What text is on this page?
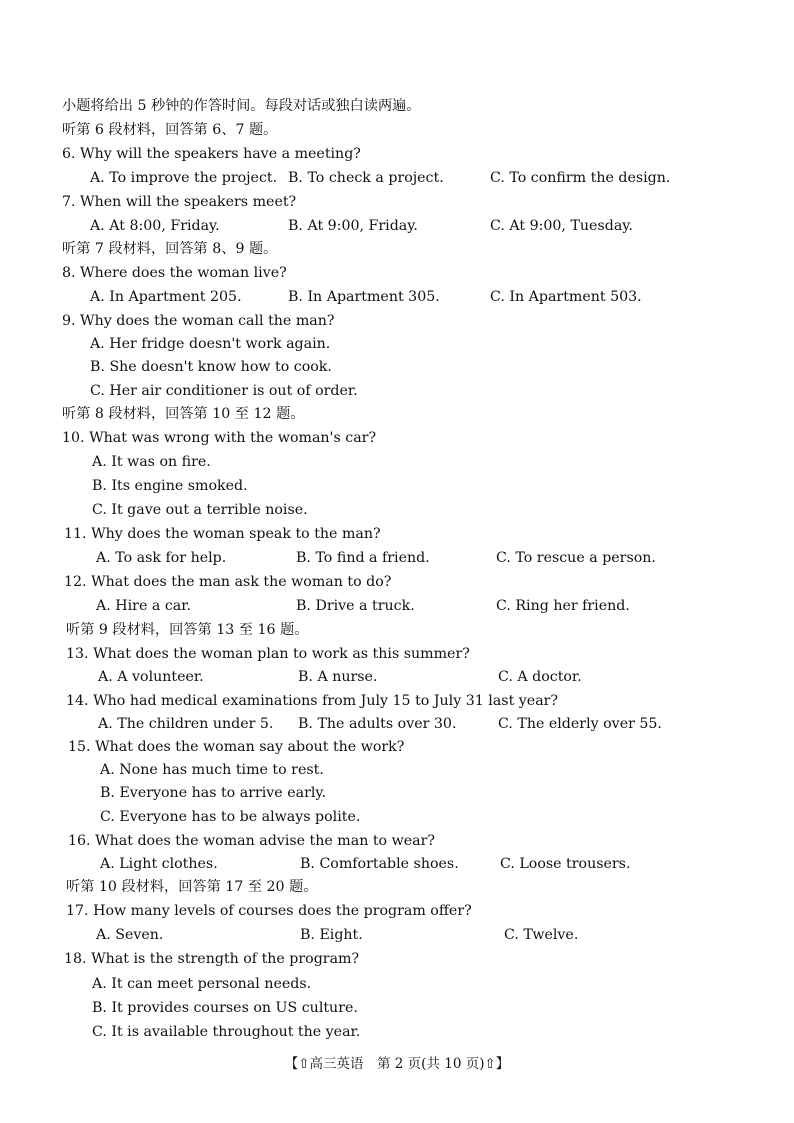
小题将给出 5 秒钟的作答时间。每段对话或独白读两遍。
听第 6 段材料，回答第 6、7 题。
6. Why will the speakers have a meeting?
A. To improve the project. B. To check a project.	C. To confirm the design.
7. When will the speakers meet?
A. At 8:00, Friday.	B. At 9:00, Friday.	C. At 9:00, Tuesday.
听第 7 段材料，回答第 8、9 题。
8. Where does the woman live?
A. In Apartment 205.	B. In Apartment 305.	C. In Apartment 503.
9. Why does the woman call the man?
A. Her fridge doesn't work again.
B. She doesn't know how to cook.
C. Her air conditioner is out of order.
听第 8 段材料，回答第 10 至 12 题。
10. What was wrong with the woman's car?
A. It was on fire.
B. Its engine smoked.
C. It gave out a terrible noise.
11. Why does the woman speak to the man?
A. To ask for help.	B. To find a friend.	C. To rescue a person.
12. What does the man ask the woman to do?
A. Hire a car.	B. Drive a truck.	C. Ring her friend.
听第 9 段材料，回答第 13 至 16 题。
13. What does the woman plan to work as this summer?
A. A volunteer.	B. A nurse.	C. A doctor.
14. Who had medical examinations from July 15 to July 31 last year?
A. The children under 5. B. The adults over 30.	C. The elderly over 55.
15. What does the woman say about the work?
A. None has much time to rest.
B. Everyone has to arrive early.
C. Everyone has to be always polite.
16. What does the woman advise the man to wear?
A. Light clothes.	B. Comfortable shoes.	C. Loose trousers.
听第 10 段材料，回答第 17 至 20 题。
17. How many levels of courses does the program offer?
A. Seven.	B. Eight.	C. Twelve.
18. What is the strength of the program?
A. It can meet personal needs.
B. It provides courses on US culture.
C. It is available throughout the year.
【⇧高三英语　第 2 页(共 10 页)⇧】
